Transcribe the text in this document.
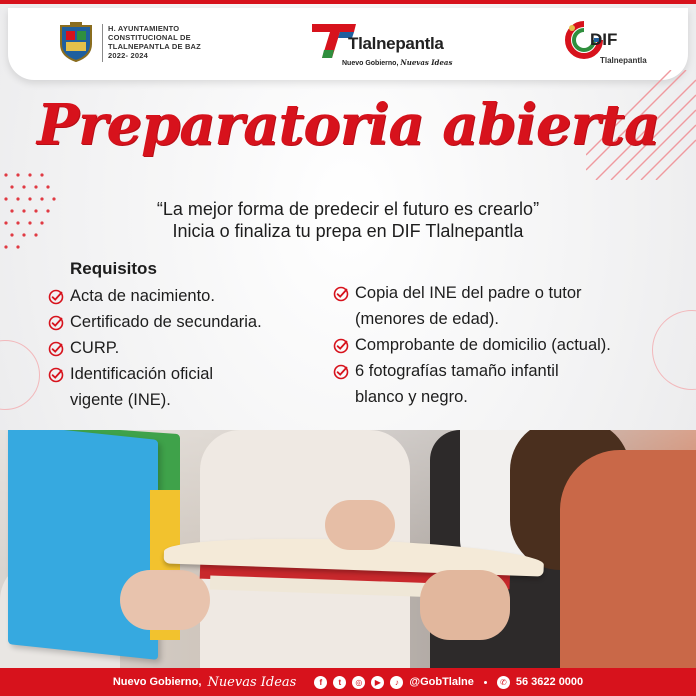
H. AYUNTAMIENTO
CONSTITUCIONAL DE
TLALNEPANTLA DE BAZ
2022- 2024
Tlalnepantla
Nuevo Gobierno, Nuevas Ideas
DIF
Tlalnepantla
Preparatoria abierta
“La mejor forma de predecir el futuro es crearlo”
Inicia o finaliza tu prepa en DIF Tlalnepantla
Requisitos
Acta de nacimiento.
Certificado de secundaria.
CURP.
Identificación oficial
vigente (INE).
Copia del INE del padre o tutor
(menores de edad).
Comprobante de domicilio (actual).
6 fotografías tamaño infantil
blanco y negro.
Nuevo Gobierno, Nuevas Ideas	f	t	◎	▶	♪ @GobTlalne	✆ 56 3622 0000
